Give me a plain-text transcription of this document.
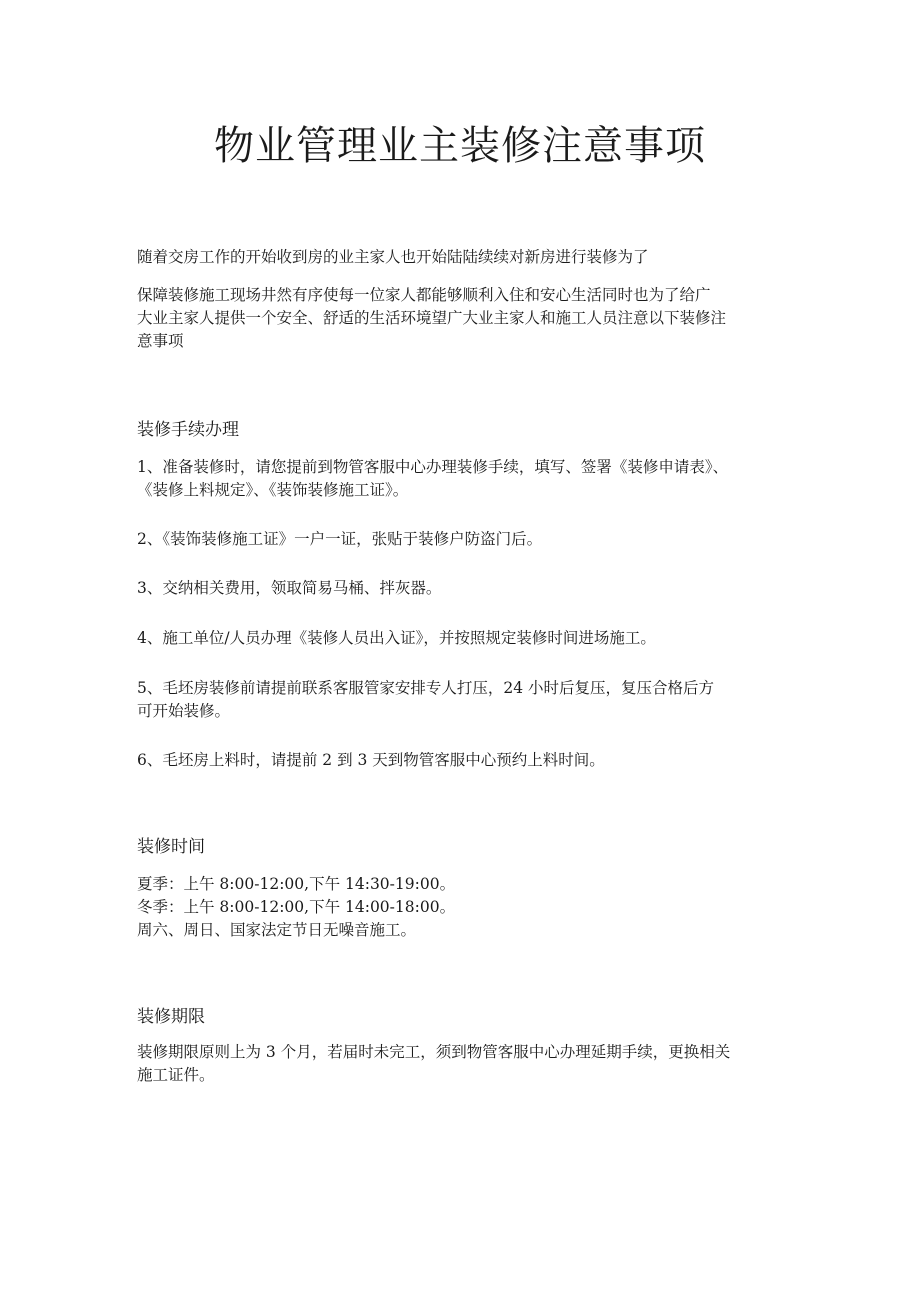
物业管理业主装修注意事项
随着交房工作的开始收到房的业主家人也开始陆陆续续对新房进行装修为了
保障装修施工现场井然有序使每一位家人都能够顺利入住和安心生活同时也为了给广
大业主家人提供一个安全、舒适的生活环境望广大业主家人和施工人员注意以下装修注
意事项
装修手续办理
1、准备装修时，请您提前到物管客服中心办理装修手续，填写、签署《装修申请表》、
《装修上料规定》、《装饰装修施工证》。
2、《装饰装修施工证》一户一证，张贴于装修户防盗门后。
3、交纳相关费用，领取简易马桶、拌灰器。
4、施工单位/人员办理《装修人员出入证》，并按照规定装修时间进场施工。
5、毛坯房装修前请提前联系客服管家安排专人打压，24 小时后复压，复压合格后方
可开始装修。
6、毛坯房上料时，请提前 2 到 3 天到物管客服中心预约上料时间。
装修时间
夏季：上午 8:00-12:00,下午 14:30-19:00。
冬季：上午 8:00-12:00,下午 14:00-18:00。
周六、周日、国家法定节日无噪音施工。
装修期限
装修期限原则上为 3 个月，若届时未完工，须到物管客服中心办理延期手续，更换相关
施工证件。
